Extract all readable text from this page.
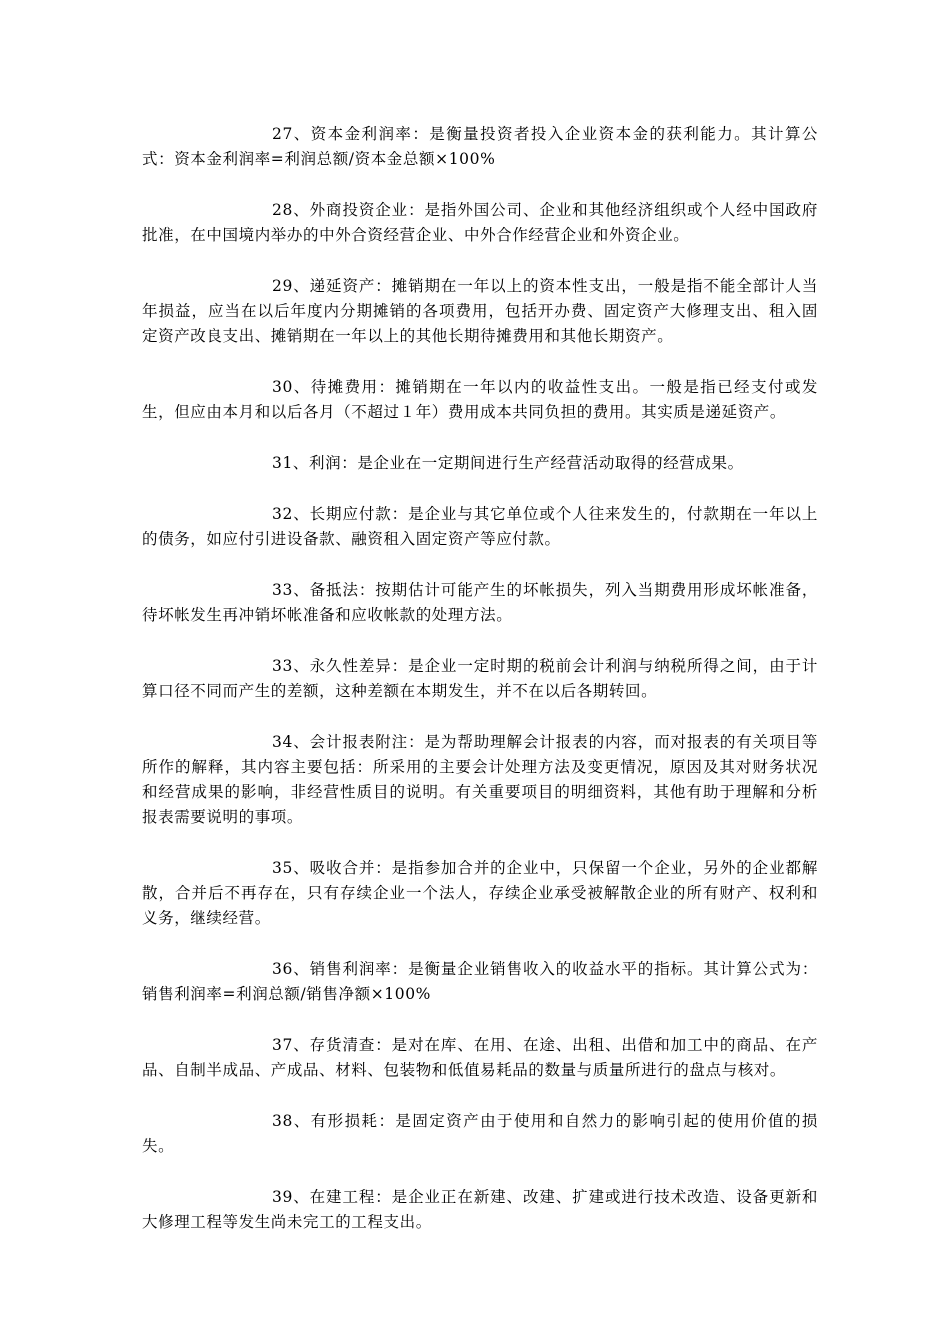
27、资本金利润率：是衡量投资者投入企业资本金的获利能力。其计算公式：资本金利润率=利润总额/资本金总额×100%

28、外商投资企业：是指外国公司、企业和其他经济组织或个人经中国政府批准，在中国境内举办的中外合资经营企业、中外合作经营企业和外资企业。

29、递延资产：摊销期在一年以上的资本性支出，一般是指不能全部计人当年损益，应当在以后年度内分期摊销的各项费用，包括开办费、固定资产大修理支出、租入固定资产改良支出、摊销期在一年以上的其他长期待摊费用和其他长期资产。

30、待摊费用：摊销期在一年以内的收益性支出。一般是指已经支付或发生，但应由本月和以后各月（不超过１年）费用成本共同负担的费用。其实质是递延资产。

31、利润：是企业在一定期间进行生产经营活动取得的经营成果。

32、长期应付款：是企业与其它单位或个人往来发生的，付款期在一年以上的债务，如应付引进设备款、融资租入固定资产等应付款。

33、备抵法：按期估计可能产生的坏帐损失，列入当期费用形成坏帐准备，待坏帐发生再冲销坏帐准备和应收帐款的处理方法。

33、永久性差异：是企业一定时期的税前会计利润与纳税所得之间，由于计算口径不同而产生的差额，这种差额在本期发生，并不在以后各期转回。

34、会计报表附注：是为帮助理解会计报表的内容，而对报表的有关项目等所作的解释，其内容主要包括：所采用的主要会计处理方法及变更情况，原因及其对财务状况和经营成果的影响，非经营性质目的说明。有关重要项目的明细资料，其他有助于理解和分析报表需要说明的事项。

35、吸收合并：是指参加合并的企业中，只保留一个企业，另外的企业都解散，合并后不再存在，只有存续企业一个法人，存续企业承受被解散企业的所有财产、权利和义务，继续经营。

36、销售利润率：是衡量企业销售收入的收益水平的指标。其计算公式为：销售利润率=利润总额/销售净额×100%

37、存货清查：是对在库、在用、在途、出租、出借和加工中的商品、在产品、自制半成品、产成品、材料、包装物和低值易耗品的数量与质量所进行的盘点与核对。

38、有形损耗：是固定资产由于使用和自然力的影响引起的使用价值的损失。

39、在建工程：是企业正在新建、改建、扩建或进行技术改造、设备更新和大修理工程等发生尚未完工的工程支出。
